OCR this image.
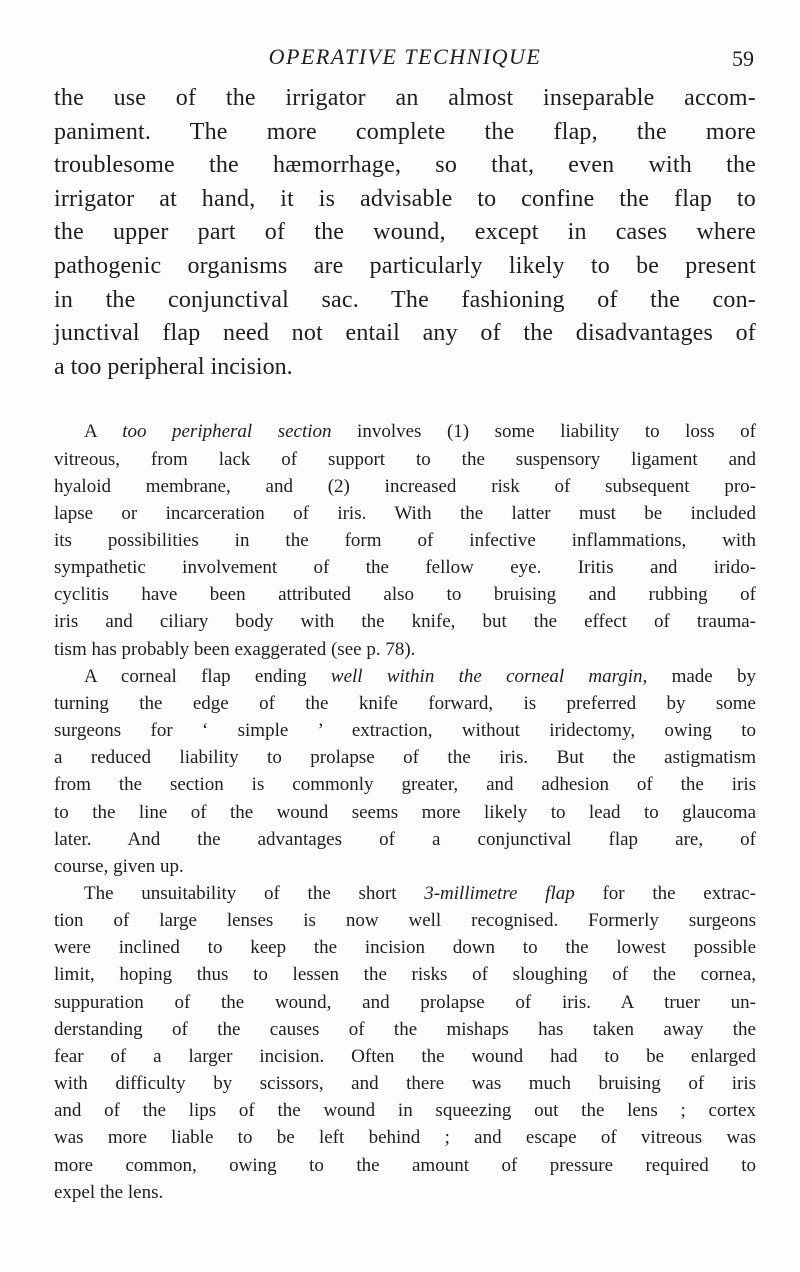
OPERATIVE TECHNIQUE	59

the use of the irrigator an almost inseparable accom-
paniment. The more complete the flap, the more
troublesome the hæmorrhage, so that, even with the
irrigator at hand, it is advisable to confine the flap to
the upper part of the wound, except in cases where
pathogenic organisms are particularly likely to be present
in the conjunctival sac. The fashioning of the con-
junctival flap need not entail any of the disadvantages of
a too peripheral incision.

A too peripheral section involves (1) some liability to loss of
vitreous, from lack of support to the suspensory ligament and
hyaloid membrane, and (2) increased risk of subsequent pro-
lapse or incarceration of iris. With the latter must be included
its possibilities in the form of infective inflammations, with
sympathetic involvement of the fellow eye. Iritis and irido-
cyclitis have been attributed also to bruising and rubbing of
iris and ciliary body with the knife, but the effect of trauma-
tism has probably been exaggerated (see p. 78).

A corneal flap ending well within the corneal margin, made by
turning the edge of the knife forward, is preferred by some
surgeons for ‘ simple ’ extraction, without iridectomy, owing to
a reduced liability to prolapse of the iris. But the astigmatism
from the section is commonly greater, and adhesion of the iris
to the line of the wound seems more likely to lead to glaucoma
later. And the advantages of a conjunctival flap are, of
course, given up.

The unsuitability of the short 3-millimetre flap for the extrac-
tion of large lenses is now well recognised. Formerly surgeons
were inclined to keep the incision down to the lowest possible
limit, hoping thus to lessen the risks of sloughing of the cornea,
suppuration of the wound, and prolapse of iris. A truer un-
derstanding of the causes of the mishaps has taken away the
fear of a larger incision. Often the wound had to be enlarged
with difficulty by scissors, and there was much bruising of iris
and of the lips of the wound in squeezing out the lens ; cortex
was more liable to be left behind ; and escape of vitreous was
more common, owing to the amount of pressure required to
expel the lens.
